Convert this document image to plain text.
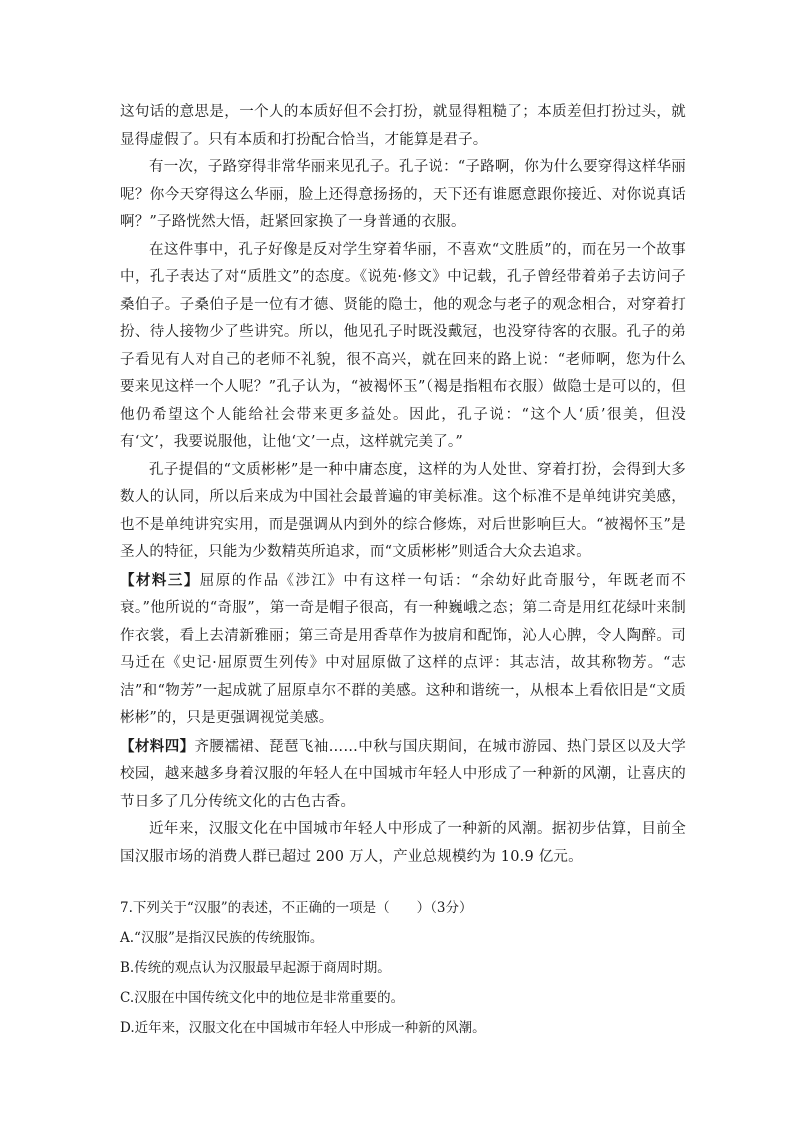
这句话的意思是，一个人的本质好但不会打扮，就显得粗糙了；本质差但打扮过头，就显得虚假了。只有本质和打扮配合恰当，才能算是君子。

有一次，子路穿得非常华丽来见孔子。孔子说：“子路啊，你为什么要穿得这样华丽呢？你今天穿得这么华丽，脸上还得意扬扬的，天下还有谁愿意跟你接近、对你说真话啊？”子路恍然大悟，赶紧回家换了一身普通的衣服。

在这件事中，孔子好像是反对学生穿着华丽，不喜欢“文胜质”的，而在另一个故事中，孔子表达了对“质胜文”的态度。《说苑·修文》中记载，孔子曾经带着弟子去访问子桑伯子。子桑伯子是一位有才德、贤能的隐士，他的观念与老子的观念相合，对穿着打扮、待人接物少了些讲究。所以，他见孔子时既没戴冠，也没穿待客的衣服。孔子的弟子看见有人对自己的老师不礼貌，很不高兴，就在回来的路上说：“老师啊，您为什么要来见这样一个人呢？”孔子认为，“被褐怀玉”（褐是指粗布衣服）做隐士是可以的，但他仍希望这个人能给社会带来更多益处。因此，孔子说：“这个人‘质’很美，但没有‘文’，我要说服他，让他‘文’一点，这样就完美了。”

孔子提倡的“文质彬彬”是一种中庸态度，这样的为人处世、穿着打扮，会得到大多数人的认同，所以后来成为中国社会最普遍的审美标准。这个标准不是单纯讲究美感，也不是单纯讲究实用，而是强调从内到外的综合修炼，对后世影响巨大。“被褐怀玉”是圣人的特征，只能为少数精英所追求，而“文质彬彬”则适合大众去追求。

【材料三】屈原的作品《涉江》中有这样一句话：“余幼好此奇服兮，年既老而不衰。”他所说的“奇服”，第一奇是帽子很高，有一种巍峨之态；第二奇是用红花绿叶来制作衣裳，看上去清新雅丽；第三奇是用香草作为披肩和配饰，沁人心脾，令人陶醉。司马迁在《史记·屈原贾生列传》中对屈原做了这样的点评：其志洁，故其称物芳。“志洁”和“物芳”一起成就了屈原卓尔不群的美感。这种和谐统一，从根本上看依旧是“文质彬彬”的，只是更强调视觉美感。

【材料四】齐腰襦裙、琵琶飞袖……中秋与国庆期间，在城市游园、热门景区以及大学校园，越来越多身着汉服的年轻人在中国城市年轻人中形成了一种新的风潮，让喜庆的节日多了几分传统文化的古色古香。

近年来，汉服文化在中国城市年轻人中形成了一种新的风潮。据初步估算，目前全国汉服市场的消费人群已超过 200 万人，产业总规模约为 10.9 亿元。

7.下列关于“汉服”的表述，不正确的一项是（　　）（3分）

A.“汉服”是指汉民族的传统服饰。

B.传统的观点认为汉服最早起源于商周时期。

C.汉服在中国传统文化中的地位是非常重要的。

D.近年来，汉服文化在中国城市年轻人中形成一种新的风潮。
